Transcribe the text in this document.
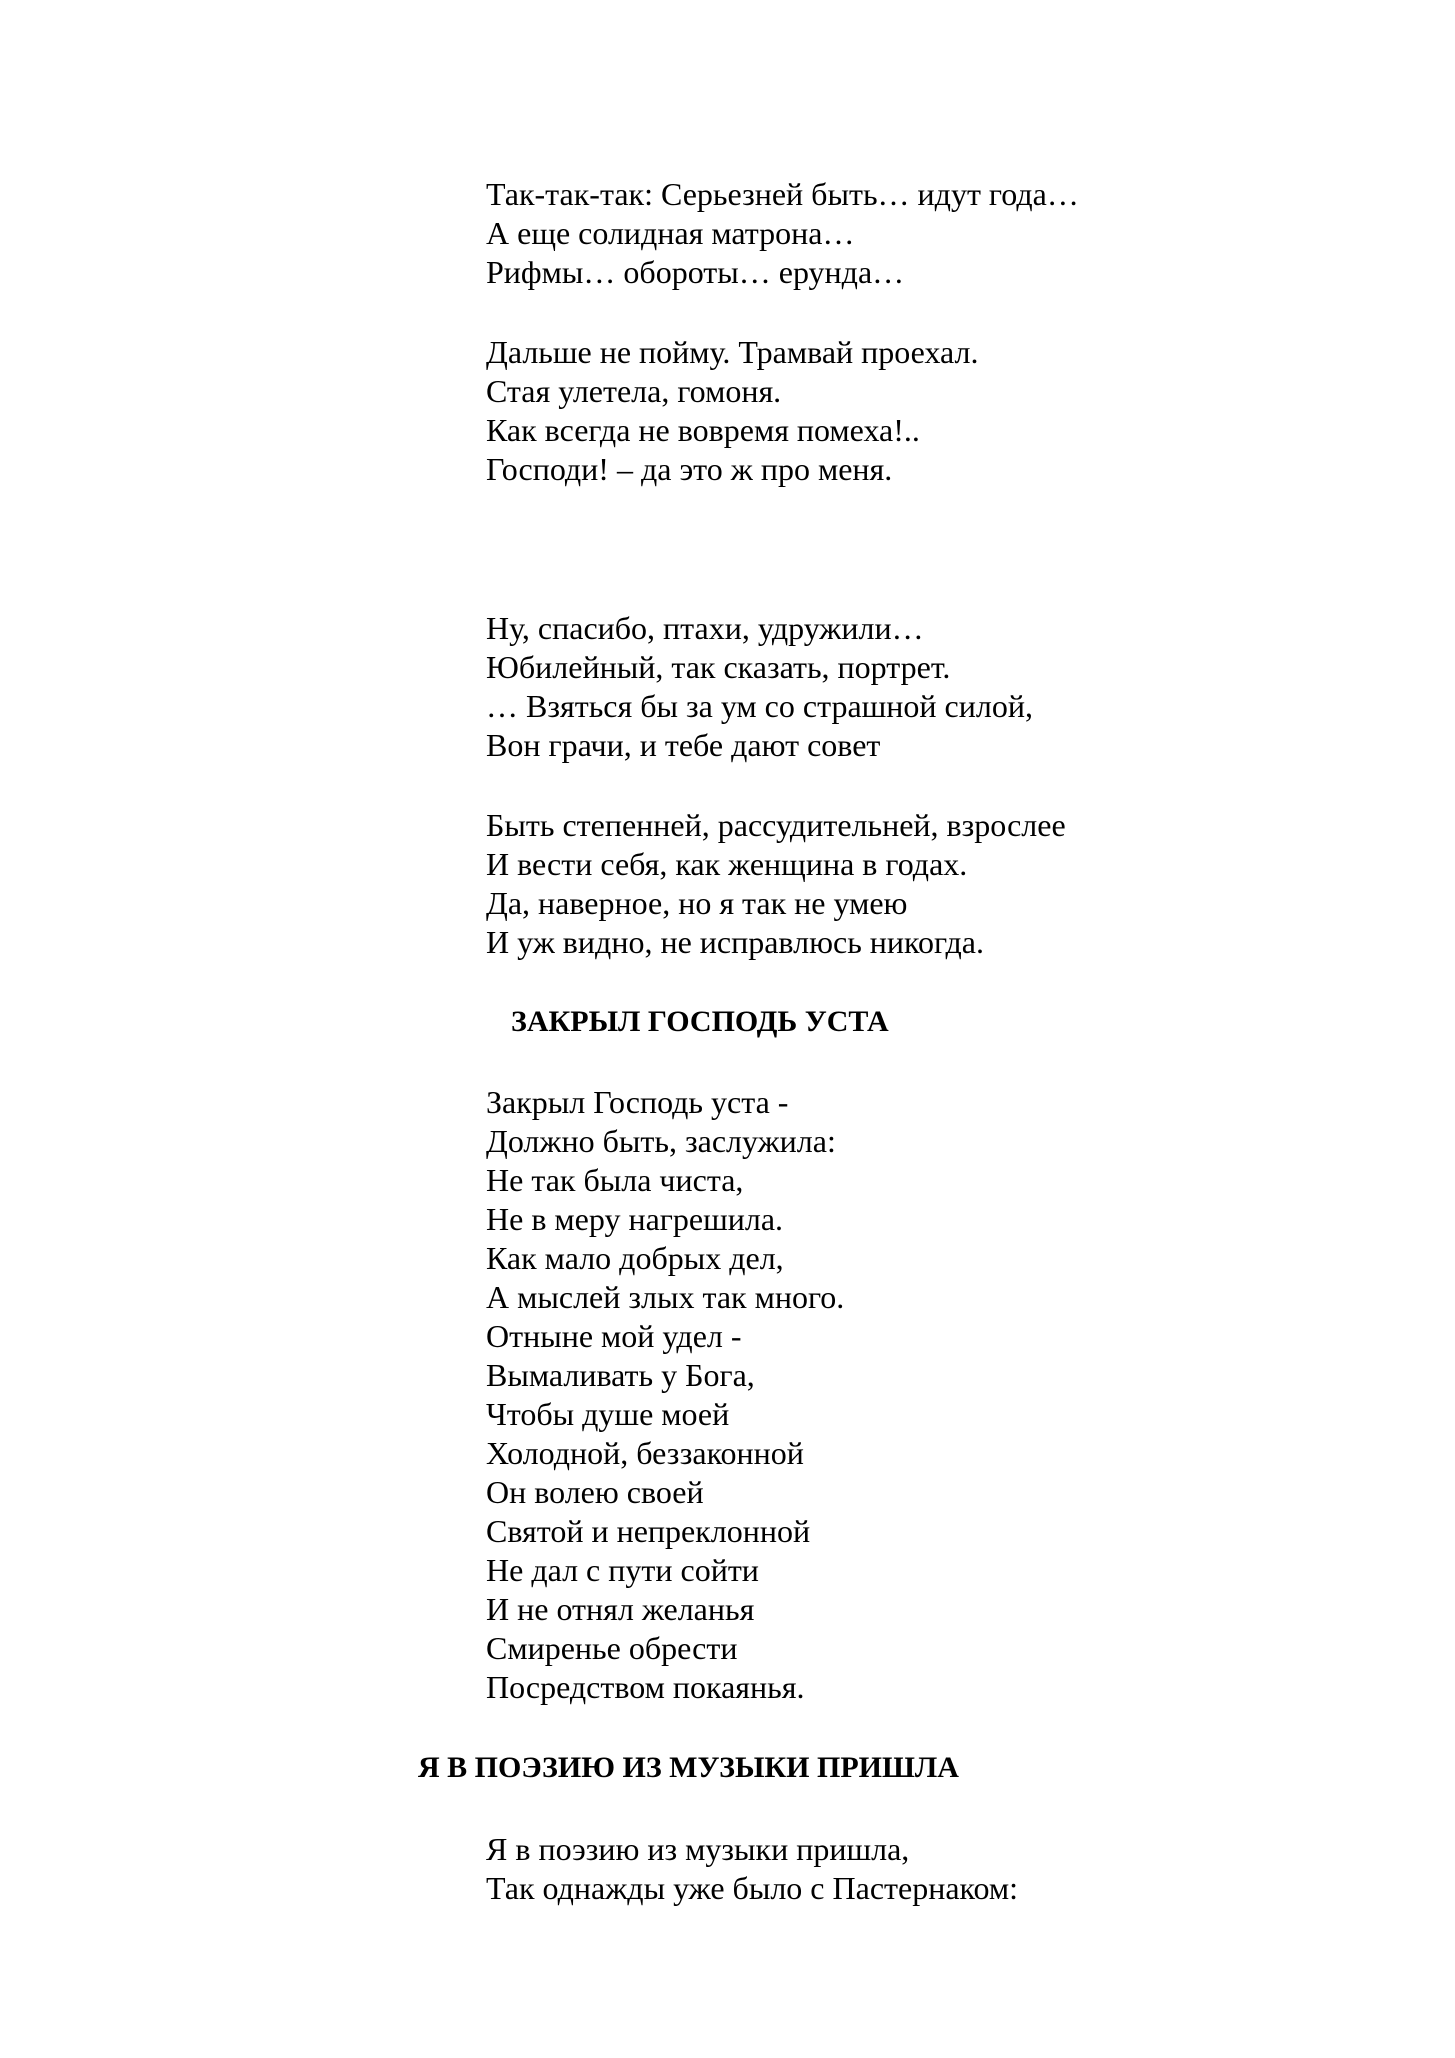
Так-так-так: Серьезней быть… идут года…

А еще солидная матрона…

Рифмы… обороты… ерунда…

Дальше не пойму. Трамвай проехал.

Стая улетела, гомоня.

Как всегда не вовремя помеха!..

Господи! – да это ж про меня.

Ну, спасибо, птахи, удружили…

Юбилейный, так сказать, портрет.

… Взяться бы за ум со страшной силой,

Вон грачи, и тебе дают совет

Быть степенней, рассудительней, взрослее

И вести себя, как женщина в годах.

Да, наверное, но я так не умею

И уж видно, не исправлюсь никогда.

ЗАКРЫЛ ГОСПОДЬ УСТА

Закрыл Господь уста -

Должно быть, заслужила:

Не так была чиста,

Не в меру нагрешила.

Как мало добрых дел,

А мыслей злых так много.

Отныне мой удел -

Вымаливать у Бога,

Чтобы душе моей

Холодной, беззаконной

Он волею своей

Святой и непреклонной

Не дал с пути сойти

И не отнял желанья

Смиренье обрести

Посредством покаянья.

Я В ПОЭЗИЮ ИЗ МУЗЫКИ ПРИШЛА

Я в поэзию из музыки пришла,

Так однажды уже было с Пастернаком:
